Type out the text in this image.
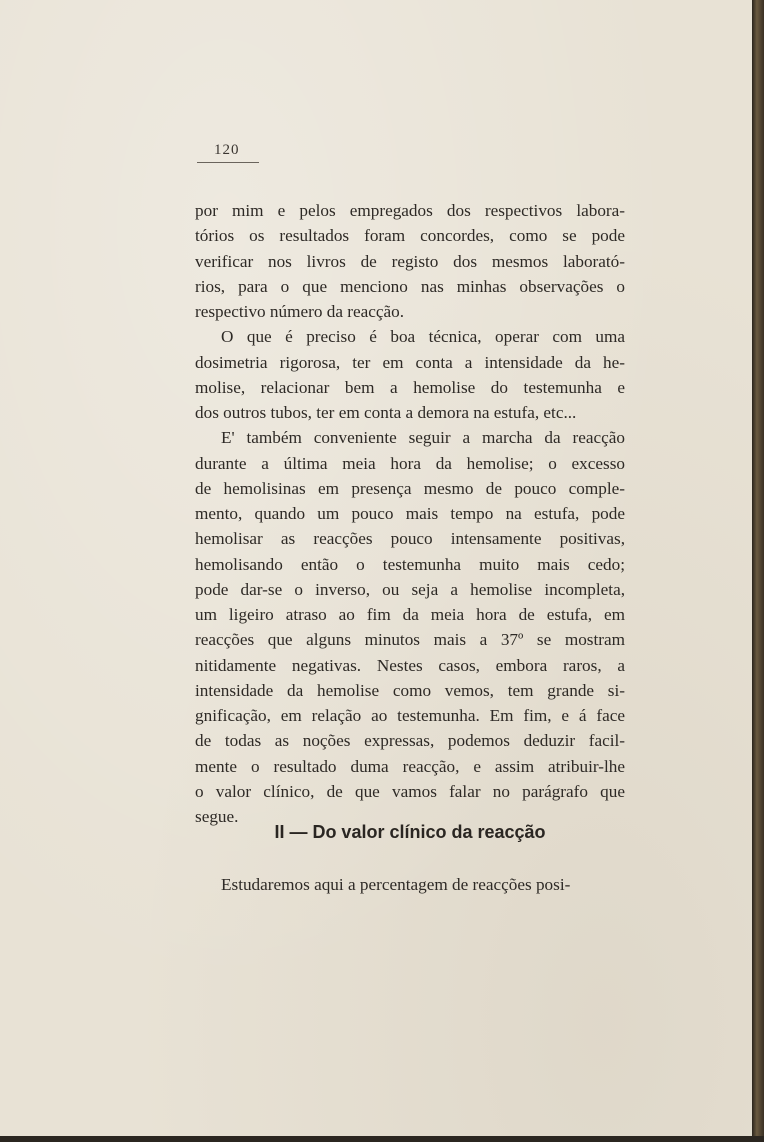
120
por mim e pelos empregados dos respectivos labora-
tórios os resultados foram concordes, como se pode
verificar nos livros de registo dos mesmos laborató-
rios, para o que menciono nas minhas observações o
respectivo número da reacção.
O que é preciso é boa técnica, operar com uma
dosimetria rigorosa, ter em conta a intensidade da he-
molise, relacionar bem a hemolise do testemunha e
dos outros tubos, ter em conta a demora na estufa, etc...
E' também conveniente seguir a marcha da reacção
durante a última meia hora da hemolise; o excesso
de hemolisinas em presença mesmo de pouco comple-
mento, quando um pouco mais tempo na estufa, pode
hemolisar as reacções pouco intensamente positivas,
hemolisando então o testemunha muito mais cedo;
pode dar-se o inverso, ou seja a hemolise incompleta,
um ligeiro atraso ao fim da meia hora de estufa, em
reacções que alguns minutos mais a 37º se mostram
nitidamente negativas. Nestes casos, embora raros, a
intensidade da hemolise como vemos, tem grande si-
gnificação, em relação ao testemunha. Em fim, e á face
de todas as noções expressas, podemos deduzir facil-
mente o resultado duma reacção, e assim atribuir-lhe
o valor clínico, de que vamos falar no parágrafo que
segue.
II — Do valor clínico da reacção
Estudaremos aqui a percentagem de reacções posi-
